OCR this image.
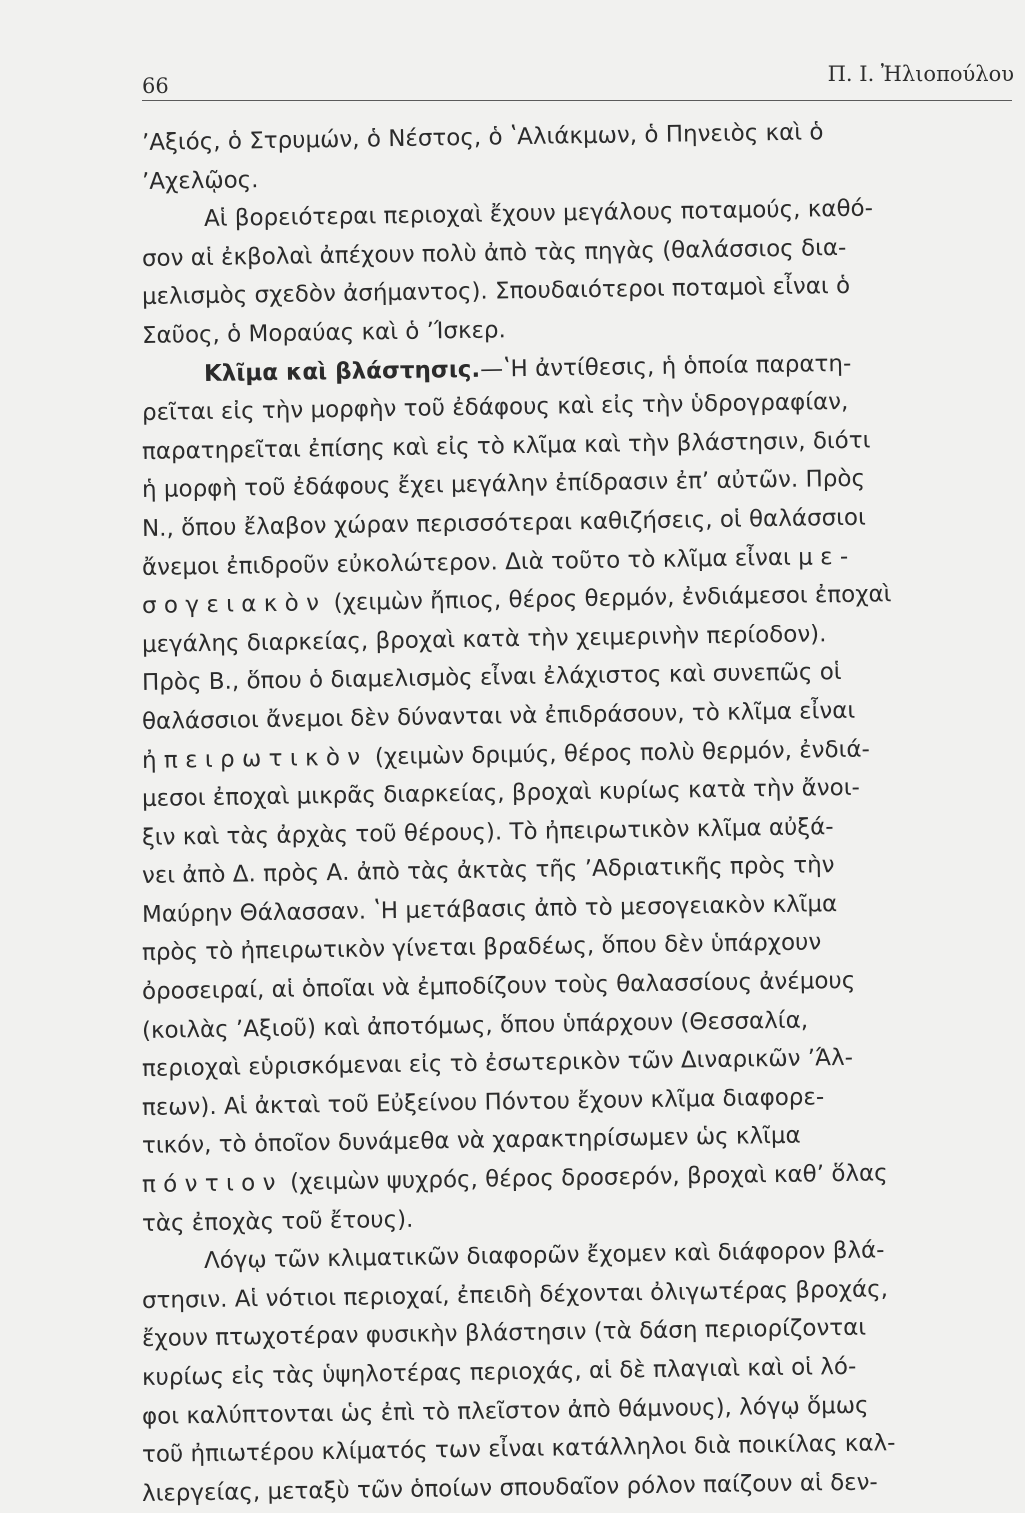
66	Π. Ι. Ἠλιοπούλου
ʼΑξιός, ὁ Στρυμών, ὁ Νέστος, ὁ ʽΑλιάκμων, ὁ Πηνειὸς καὶ ὁ
ʼΑχελῷος.
Αἱ βορειότεραι περιοχαὶ ἔχουν μεγάλους ποταμούς, καθό-
σον αἱ ἐκβολαὶ ἀπέχουν πολὺ ἀπὸ τὰς πηγὰς (θαλάσσιος δια-
μελισμὸς σχεδὸν ἀσήμαντος). Σπουδαιότεροι ποταμοὶ εἶναι ὁ
Σαῦος, ὁ Μοραύας καὶ ὁ ʼΊσκερ.
Κλῖμα καὶ βλάστησις.—ʽΗ ἀντίθεσις, ἡ ὁποία παρατη-
ρεῖται εἰς τὴν μορφὴν τοῦ ἐδάφους καὶ εἰς τὴν ὑδρογραφίαν,
παρατηρεῖται ἐπίσης καὶ εἰς τὸ κλῖμα καὶ τὴν βλάστησιν, διότι
ἡ μορφὴ τοῦ ἐδάφους ἔχει μεγάλην ἐπίδρασιν ἐπʼ αὐτῶν. Πρὸς
Ν., ὅπου ἔλαβον χώραν περισσότεραι καθιζήσεις, οἱ θαλάσσιοι
ἄνεμοι ἐπιδροῦν εὐκολώτερον. Διὰ τοῦτο τὸ κλῖμα εἶναι με-
σογειακὸν (χειμὼν ἤπιος, θέρος θερμόν, ἐνδιάμεσοι ἐποχαὶ
μεγάλης διαρκείας, βροχαὶ κατὰ τὴν χειμερινὴν περίοδον).
Πρὸς Β., ὅπου ὁ διαμελισμὸς εἶναι ἐλάχιστος καὶ συνεπῶς οἱ
θαλάσσιοι ἄνεμοι δὲν δύνανται νὰ ἐπιδράσουν, τὸ κλῖμα εἶναι
ἠπειρωτικὸν (χειμὼν δριμύς, θέρος πολὺ θερμόν, ἐνδιά-
μεσοι ἐποχαὶ μικρᾶς διαρκείας, βροχαὶ κυρίως κατὰ τὴν ἄνοι-
ξιν καὶ τὰς ἀρχὰς τοῦ θέρους). Τὸ ἠπειρωτικὸν κλῖμα αὐξά-
νει ἀπὸ Δ. πρὸς Α. ἀπὸ τὰς ἀκτὰς τῆς ʼΑδριατικῆς πρὸς τὴν
Μαύρην Θάλασσαν. ʽΗ μετάβασις ἀπὸ τὸ μεσογειακὸν κλῖμα
πρὸς τὸ ἠπειρωτικὸν γίνεται βραδέως, ὅπου δὲν ὑπάρχουν
ὀροσειραί, αἱ ὁποῖαι νὰ ἐμποδίζουν τοὺς θαλασσίους ἀνέμους
(κοιλὰς ʼΑξιοῦ) καὶ ἀποτόμως, ὅπου ὑπάρχουν (Θεσσαλία,
περιοχαὶ εὑρισκόμεναι εἰς τὸ ἐσωτερικὸν τῶν Διναρικῶν ʼΆλ-
πεων). Αἱ ἀκταὶ τοῦ Εὐξείνου Πόντου ἔχουν κλῖμα διαφορε-
τικόν, τὸ ὁποῖον δυνάμεθα νὰ χαρακτηρίσωμεν ὡς κλῖμα
πόντιον (χειμὼν ψυχρός, θέρος δροσερόν, βροχαὶ καθʼ ὅλας
τὰς ἐποχὰς τοῦ ἔτους).
Λόγῳ τῶν κλιματικῶν διαφορῶν ἔχομεν καὶ διάφορον βλά-
στησιν. Αἱ νότιοι περιοχαί, ἐπειδὴ δέχονται ὀλιγωτέρας βροχάς,
ἔχουν πτωχοτέραν φυσικὴν βλάστησιν (τὰ δάση περιορίζονται
κυρίως εἰς τὰς ὑψηλοτέρας περιοχάς, αἱ δὲ πλαγιαὶ καὶ οἱ λό-
φοι καλύπτονται ὡς ἐπὶ τὸ πλεῖστον ἀπὸ θάμνους), λόγῳ ὅμως
τοῦ ἠπιωτέρου κλίματός των εἶναι κατάλληλοι διὰ ποικίλας καλ-
λιεργείας, μεταξὺ τῶν ὁποίων σπουδαῖον ρόλον παίζουν αἱ δεν-
